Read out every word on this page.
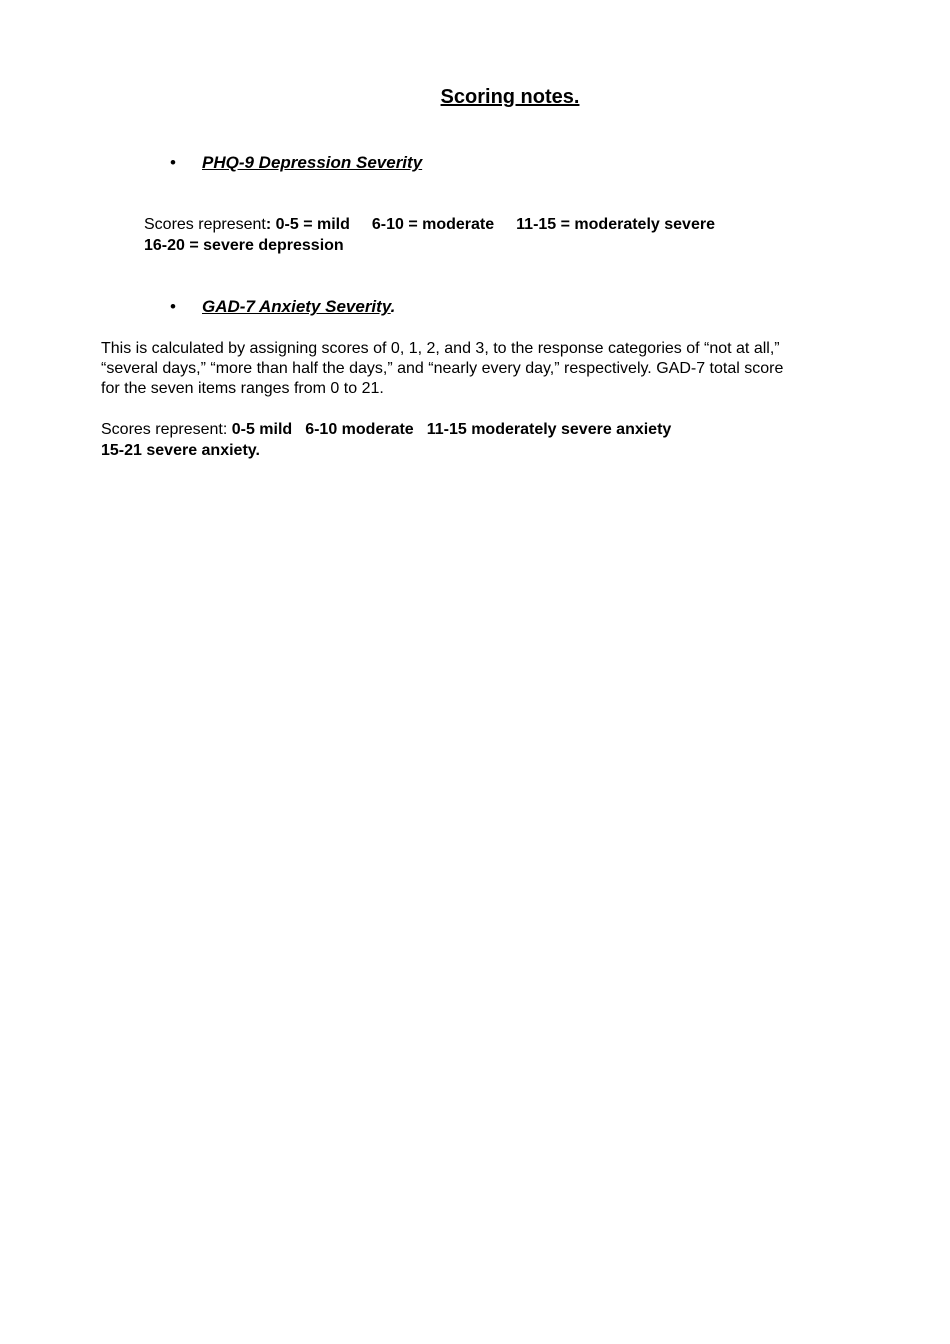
Scoring notes.
• PHQ-9 Depression Severity
Scores represent: 0-5 = mild 6-10 = moderate 11-15 = moderately severe
16-20 = severe depression
• GAD-7 Anxiety Severity.
This is calculated by assigning scores of 0, 1, 2, and 3, to the response categories of “not at all,”
“several days,” “more than half the days,” and “nearly every day,” respectively. GAD-7 total score
for the seven items ranges from 0 to 21.
Scores represent: 0-5 mild 6-10 moderate 11-15 moderately severe anxiety
15-21 severe anxiety.
